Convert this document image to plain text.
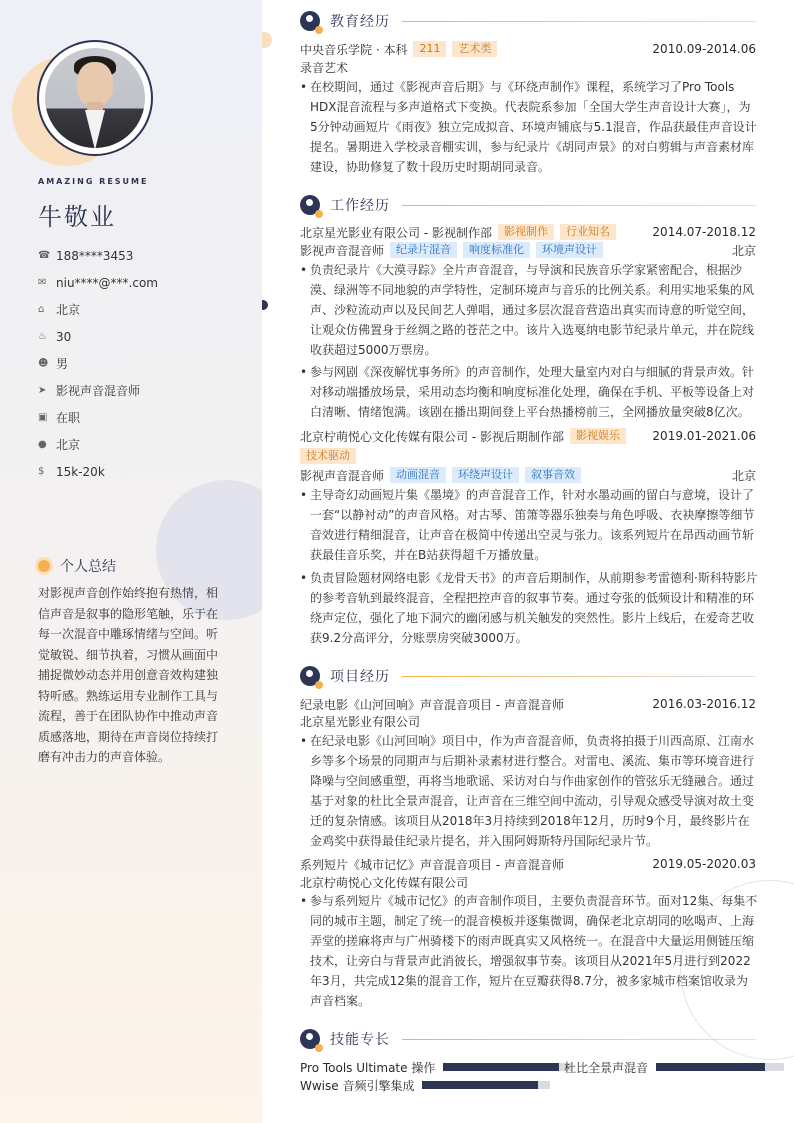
AMAZING RESUME
牛敬业
☎ 188****3453
✉ niu****@***.com
⌂ 北京
♨ 30
☻ 男
➤ 影视声音混音师
▣ 在职
● 北京
$ 15k-20k
个人总结
对影视声音创作始终抱有热情，相信声音是叙事的隐形笔触，乐于在每一次混音中雕琢情绪与空间。听觉敏锐、细节执着，习惯从画面中捕捉微妙动态并用创意音效构建独特听感。熟练运用专业制作工具与流程，善于在团队协作中推动声音质感落地，期待在声音岗位持续打磨有冲击力的声音体验。
教育经历
中央音乐学院 · 本科	211	艺术类	2010.09-2014.06
录音艺术
• 在校期间，通过《影视声音后期》与《环绕声制作》课程，系统学习了Pro Tools HDX混音流程与多声道格式下变换。代表院系参加「全国大学生声音设计大赛」，为5分钟动画短片《雨夜》独立完成拟音、环境声铺底与5.1混音，作品获最佳声音设计提名。暑期进入学校录音棚实训，参与纪录片《胡同声景》的对白剪辑与声音素材库建设，协助修复了数十段历史时期胡同录音。
工作经历
北京星光影业有限公司 - 影视制作部	影视制作	行业知名	2014.07-2018.12
影视声音混音师	纪录片混音	响度标准化	环境声设计	北京
• 负责纪录片《大漠寻踪》全片声音混音，与导演和民族音乐学家紧密配合，根据沙漠、绿洲等不同地貌的声学特性，定制环境声与音乐的比例关系。利用实地采集的风声、沙粒流动声以及民间艺人弹唱，通过多层次混音营造出真实而诗意的听觉空间，让观众仿佛置身于丝绸之路的苍茫之中。该片入选戛纳电影节纪录片单元，并在院线收获超过5000万票房。
• 参与网剧《深夜解忧事务所》的声音制作，处理大量室内对白与细腻的背景声效。针对移动端播放场景，采用动态均衡和响度标准化处理，确保在手机、平板等设备上对白清晰、情绪饱满。该剧在播出期间登上平台热播榜前三，全网播放量突破8亿次。
北京柠萌悦心文化传媒有限公司 - 影视后期制作部	影视娱乐	2019.01-2021.06
技术驱动
影视声音混音师	动画混音	环绕声设计	叙事音效	北京
• 主导奇幻动画短片集《墨境》的声音混音工作，针对水墨动画的留白与意境，设计了一套“以静衬动”的声音风格。对古琴、笛箫等器乐独奏与角色呼吸、衣袂摩擦等细节音效进行精细混音，让声音在极简中传递出空灵与张力。该系列短片在昂西动画节斩获最佳音乐奖，并在B站获得超千万播放量。
• 负责冒险题材网络电影《龙骨天书》的声音后期制作，从前期参考雷德利·斯科特影片的参考音轨到最终混音，全程把控声音的叙事节奏。通过夸张的低频设计和精准的环绕声定位，强化了地下洞穴的幽闭感与机关触发的突然性。影片上线后，在爱奇艺收获9.2分高评分，分账票房突破3000万。
项目经历
纪录电影《山河回响》声音混音项目 - 声音混音师	2016.03-2016.12
北京星光影业有限公司
• 在纪录电影《山河回响》项目中，作为声音混音师，负责将拍摄于川西高原、江南水乡等多个场景的同期声与后期补录素材进行整合。对雷电、溪流、集市等环境音进行降噪与空间感重塑，再将当地歌谣、采访对白与作曲家创作的管弦乐无缝融合。通过基于对象的杜比全景声混音，让声音在三维空间中流动，引导观众感受导演对故土变迁的复杂情感。该项目从2018年3月持续到2018年12月，历时9个月，最终影片在金鸡奖中获得最佳纪录片提名，并入围阿姆斯特丹国际纪录片节。
系列短片《城市记忆》声音混音项目 - 声音混音师	2019.05-2020.03
北京柠萌悦心文化传媒有限公司
• 参与系列短片《城市记忆》的声音制作项目，主要负责混音环节。面对12集、每集不同的城市主题，制定了统一的混音模板并逐集微调，确保老北京胡同的吆喝声、上海弄堂的搓麻将声与广州骑楼下的雨声既真实又风格统一。在混音中大量运用侧链压缩技术，让旁白与背景声此消彼长，增强叙事节奏。该项目从2021年5月进行到2022年3月，共完成12集的混音工作，短片在豆瓣获得8.7分，被多家城市档案馆收录为声音档案。
技能专长
Pro Tools Ultimate 操作	杜比全景声混音
Wwise 音频引擎集成
